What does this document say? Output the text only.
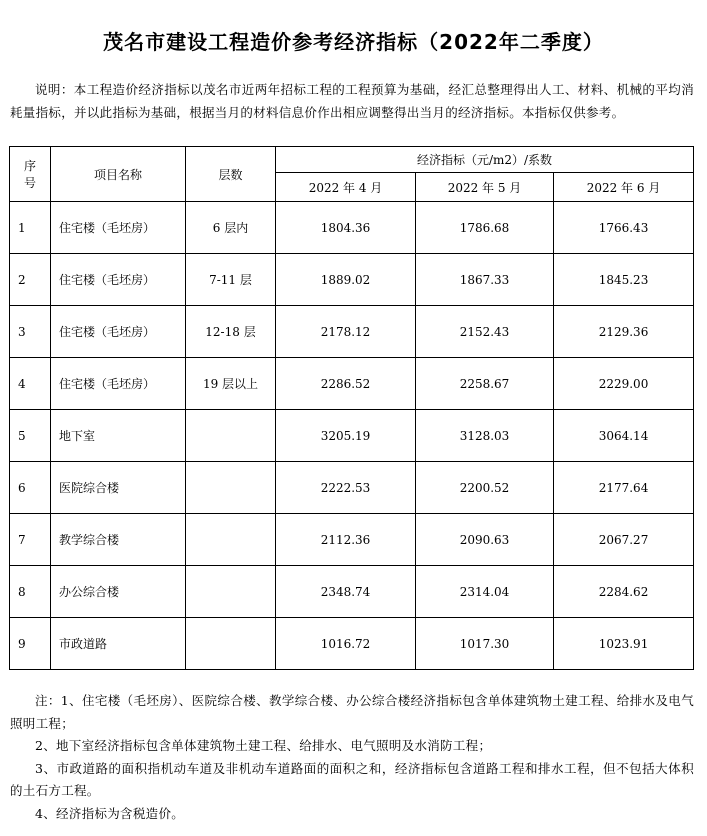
茂名市建设工程造价参考经济指标（2022年二季度）
说明：本工程造价经济指标以茂名市近两年招标工程的工程预算为基础，经汇总整理得出人工、材料、机械的平均消耗量指标，并以此指标为基础，根据当月的材料信息价作出相应调整得出当月的经济指标。本指标仅供参考。
序
号	项目名称	层数	经济指标（元/m2）/系数		
			2022 年 4 月	2022 年 5 月	2022 年 6 月
1	住宅楼（毛坯房）	6 层内	1804.36	1786.68	1766.43
2	住宅楼（毛坯房）	7-11 层	1889.02	1867.33	1845.23
3	住宅楼（毛坯房）	12-18 层	2178.12	2152.43	2129.36
4	住宅楼（毛坯房）	19 层以上	2286.52	2258.67	2229.00
5	地下室		3205.19	3128.03	3064.14
6	医院综合楼		2222.53	2200.52	2177.64
7	教学综合楼		2112.36	2090.63	2067.27
8	办公综合楼		2348.74	2314.04	2284.62
9	市政道路		1016.72	1017.30	1023.91

注：1、住宅楼（毛坯房）、医院综合楼、教学综合楼、办公综合楼经济指标包含单体建筑物土建工程、给排水及电气照明工程；

2、地下室经济指标包含单体建筑物土建工程、给排水、电气照明及水消防工程；

3、市政道路的面积指机动车道及非机动车道路面的面积之和，经济指标包含道路工程和排水工程，但不包括大体积的土石方工程。

4、经济指标为含税造价。
